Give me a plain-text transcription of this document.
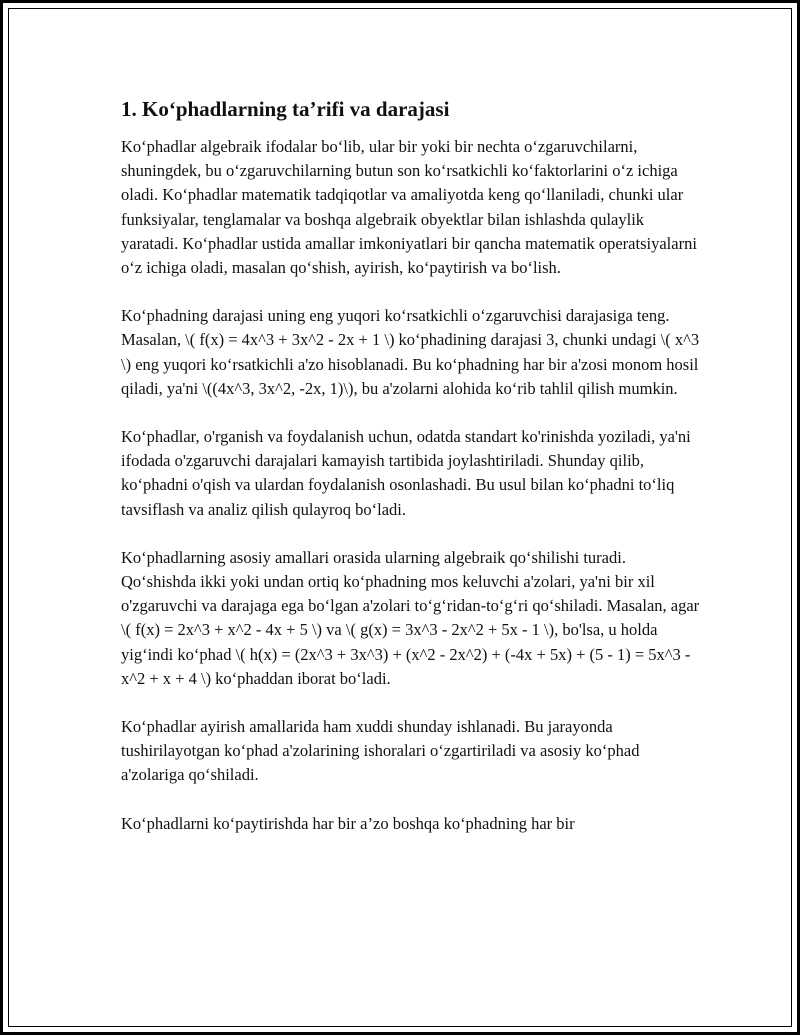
1. Ko‘phadlarning ta’rifi va darajasi

Ko‘phadlar algebraik ifodalar bo‘lib, ular bir yoki bir nechta o‘zgaruvchilarni, shuningdek, bu o‘zgaruvchilarning butun son ko‘rsatkichli ko‘faktorlarini o‘z ichiga oladi. Ko‘phadlar matematik tadqiqotlar va amaliyotda keng qo‘llaniladi, chunki ular funksiyalar, tenglamalar va boshqa algebraik obyektlar bilan ishlashda qulaylik yaratadi. Ko‘phadlar ustida amallar imkoniyatlari bir qancha matematik operatsiyalarni o‘z ichiga oladi, masalan qo‘shish, ayirish, ko‘paytirish va bo‘lish.

Ko‘phadning darajasi uning eng yuqori ko‘rsatkichli o‘zgaruvchisi darajasiga teng. Masalan, \( f(x) = 4x^3 + 3x^2 - 2x + 1 \) ko‘phadining darajasi 3, chunki undagi \( x^3 \) eng yuqori ko‘rsatkichli a'zo hisoblanadi. Bu ko‘phadning har bir a'zosi monom hosil qiladi, ya'ni \((4x^3, 3x^2, -2x, 1)\), bu a'zolarni alohida ko‘rib tahlil qilish mumkin.

Ko‘phadlar, o'rganish va foydalanish uchun, odatda standart ko'rinishda yoziladi, ya'ni ifodada o'zgaruvchi darajalari kamayish tartibida joylashtiriladi. Shunday qilib, ko‘phadni o'qish va ulardan foydalanish osonlashadi. Bu usul bilan ko‘phadni to‘liq tavsiflash va analiz qilish qulayroq bo‘ladi.

Ko‘phadlarning asosiy amallari orasida ularning algebraik qo‘shilishi turadi. Qo‘shishda ikki yoki undan ortiq ko‘phadning mos keluvchi a'zolari, ya'ni bir xil o'zgaruvchi va darajaga ega bo‘lgan a'zolari to‘g‘ridan-to‘g‘ri qo‘shiladi. Masalan, agar \( f(x) = 2x^3 + x^2 - 4x + 5 \) va \( g(x) = 3x^3 - 2x^2 + 5x - 1 \), bo'lsa, u holda yig‘indi ko‘phad \( h(x) = (2x^3 + 3x^3) + (x^2 - 2x^2) + (-4x + 5x) + (5 - 1) = 5x^3 - x^2 + x + 4 \) ko‘phaddan iborat bo‘ladi.

Ko‘phadlar ayirish amallarida ham xuddi shunday ishlanadi. Bu jarayonda tushirilayotgan ko‘phad a'zolarining ishoralari o‘zgartiriladi va asosiy ko‘phad a'zolariga qo‘shiladi.

Ko‘phadlarni ko‘paytirishda har bir a’zo boshqa ko‘phadning har bir
